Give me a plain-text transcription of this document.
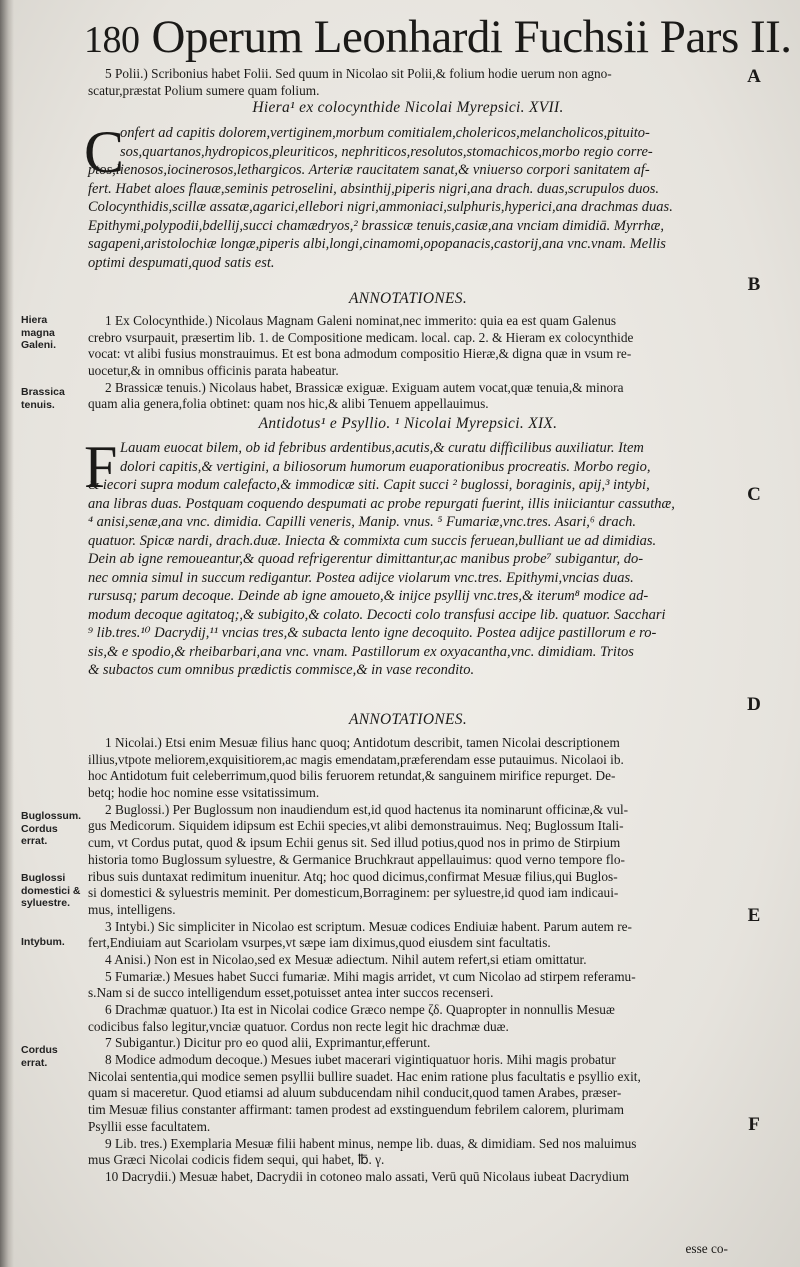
180 Operum Leonhardi Fuchsii Pars II.
A
B
C
D
E
F
Hiera magna Galeni.
Brassica tenuis.
Buglossum. Cordus errat.
Buglossi domestici & syluestre.
Intybum.
Cordus errat.
5 Polii.) Scribonius habet Folii. Sed quum in Nicolao sit Polii,& folium hodie uerum non agno-
scatur,præstat Polium sumere quam folium.
Hiera¹ ex colocynthide Nicolai Myrepsici. XVII.
C
onfert ad capitis dolorem,vertiginem,morbum comitialem,cholericos,melancholicos,pituito-
sos,quartanos,hydropicos,pleuriticos, nephriticos,resolutos,stomachicos,morbo regio corre-
ptos,lienosos,iocinerosos,lethargicos. Arteriæ raucitatem sanat,& vniuerso corpori sanitatem af-
fert. Habet aloes flauæ,seminis petroselini, absinthij,piperis nigri,ana drach. duas,scrupulos duos.
Colocynthidis,scillæ assatæ,agarici,ellebori nigri,ammoniaci,sulphuris,hyperici,ana drachmas duas.
Epithymi,polypodii,bdellij,succi chamædryos,² brassicæ tenuis,casiæ,ana vnciam dimidiā. Myrrhæ,
sagapeni,aristolochiæ longæ,piperis albi,longi,cinamomi,opopanacis,castorij,ana vnc.vnam. Mellis
optimi despumati,quod satis est.
ANNOTATIONES.
1 Ex Colocynthide.) Nicolaus Magnam Galeni nominat,nec immerito: quia ea est quam Galenus
crebro vsurpauit, præsertim lib. 1. de Compositione medicam. local. cap. 2. & Hieram ex colocynthide
vocat: vt alibi fusius monstrauimus. Et est bona admodum compositio Hieræ,& digna quæ in vsum re-
uocetur,& in omnibus officinis parata habeatur.
2 Brassicæ tenuis.) Nicolaus habet, Brassicæ exiguæ. Exiguam autem vocat,quæ tenuia,& minora
quam alia genera,folia obtinet: quam nos hic,& alibi Tenuem appellauimus.
Antidotus¹ e Psyllio. ¹ Nicolai Myrepsici. XIX.
F Lauam euocat bilem, ob id febribus ardentibus,acutis,& curatu difficilibus auxiliatur. Item
dolori capitis,& vertigini, a biliosorum humorum euaporationibus procreatis. Morbo regio,
& iecori supra modum calefacto,& immodicæ siti. Capit succi ² buglossi, boraginis, apij,³ intybi,
ana libras duas. Postquam coquendo despumati ac probe repurgati fuerint, illis iniiciantur cassuthæ,
⁴ anisi,senæ,ana vnc. dimidia. Capilli veneris, Manip. vnus. ⁵ Fumariæ,vnc.tres. Asari,⁶ drach.
quatuor. Spicæ nardi, drach.duæ. Iniecta & commixta cum succis feruean,bulliant ue ad dimidias.
Dein ab igne remoueantur,& quoad refrigerentur dimittantur,ac manibus probe⁷ subigantur, do-
nec omnia simul in succum redigantur. Postea adijce violarum vnc.tres. Epithymi,vncias duas.
rursusq; parum decoque. Deinde ab igne amoueto,& inijce psyllij vnc.tres,& iterum⁸ modice ad-
modum decoque agitatoq;,& subigito,& colato. Decocti colo transfusi accipe lib. quatuor. Sacchari
⁹ lib.tres.¹⁰ Dacrydij,¹¹ vncias tres,& subacta lento igne decoquito. Postea adijce pastillorum e ro-
sis,& e spodio,& rheibarbari,ana vnc. vnam. Pastillorum ex oxyacantha,vnc. dimidiam. Tritos
& subactos cum omnibus prædictis commisce,& in vase recondito.
ANNOTATIONES.
1 Nicolai.) Etsi enim Mesuæ filius hanc quoq; Antidotum describit, tamen Nicolai descriptionem
illius,vtpote meliorem,exquisitiorem,ac magis emendatam,præferendam esse putauimus. Nicolaoi ib.
hoc Antidotum fuit celeberrimum,quod bilis feruorem retundat,& sanguinem mirifice repurget. De-
betq; hodie hoc nomine esse vsitatissimum.
2 Buglossi.) Per Buglossum non inaudiendum est,id quod hactenus ita nominarunt officinæ,& vul-
gus Medicorum. Siquidem idipsum est Echii species,vt alibi demonstrauimus. Neq; Buglossum Itali-
cum, vt Cordus putat, quod & ipsum Echii genus sit. Sed illud potius,quod nos in primo de Stirpium
historia tomo Buglossum syluestre, & Germanice Bruchkraut appellauimus: quod verno tempore flo-
ribus suis duntaxat redimitum inuenitur. Atq; hoc quod dicimus,confirmat Mesuæ filius,qui Buglos-
si domestici & syluestris meminit. Per domesticum,Borraginem: per syluestre,id quod iam indicaui-
mus, intelligens.
3 Intybi.) Sic simpliciter in Nicolao est scriptum. Mesuæ codices Endiuiæ habent. Parum autem re-
fert,Endiuiam aut Scariolam vsurpes,vt sæpe iam diximus,quod eiusdem sint facultatis.
4 Anisi.) Non est in Nicolao,sed ex Mesuæ adiectum. Nihil autem refert,si etiam omittatur.
5 Fumariæ.) Mesues habet Succi fumariæ. Mihi magis arridet, vt cum Nicolao ad stirpem referamu-
s.Nam si de succo intelligendum esset,potuisset antea inter succos recenseri.
6 Drachmæ quatuor.) Ita est in Nicolai codice Græco nempe ζδ. Quapropter in nonnullis Mesuæ
codicibus falso legitur,vnciæ quatuor. Cordus non recte legit hic drachmæ duæ.
7 Subigantur.) Dicitur pro eo quod alii, Exprimantur,efferunt.
8 Modice admodum decoque.) Mesues iubet macerari vigintiquatuor horis. Mihi magis probatur
Nicolai sententia,qui modice semen psyllii bullire suadet. Hac enim ratione plus facultatis e psyllio exit,
quam si maceretur. Quod etiamsi ad aluum subducendam nihil conducit,quod tamen Arabes, præser-
tim Mesuæ filius constanter affirmant: tamen prodest ad exstinguendum febrilem calorem, plurimam
Psyllii esse facultatem.
9 Lib. tres.) Exemplaria Mesuæ filii habent minus, nempe lib. duas, & dimidiam. Sed nos maluimus
mus Græci Nicolai codicis fidem sequi, qui habet, ℔. γ.
10 Dacrydii.) Mesuæ habet, Dacrydii in cotoneo malo assati, Verū quū Nicolaus iubeat Dacrydium
esse co-
